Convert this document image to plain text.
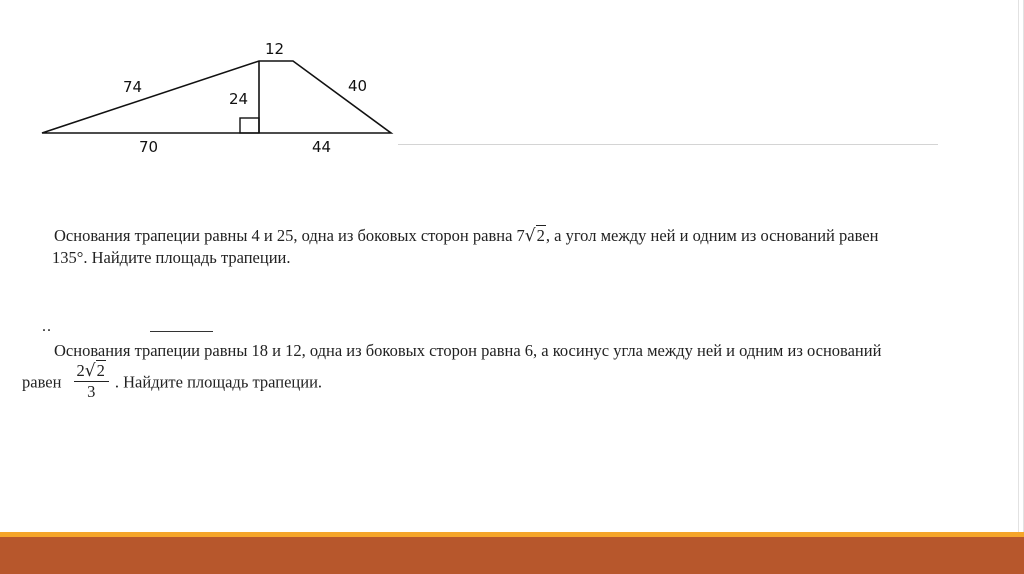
12
74
24
40
70	44
Основания трапеции равны 4 и 25, одна из боковых сторон равна 7√2, а угол между ней и одним из оснований равен
135°. Найдите площадь трапеции.
..
Основания трапеции равны 18 и 12, одна из боковых сторон равна 6, а косинус угла между ней и одним из оснований
равен $\frac{2√2}{3}$ . Найдите площадь трапеции.
